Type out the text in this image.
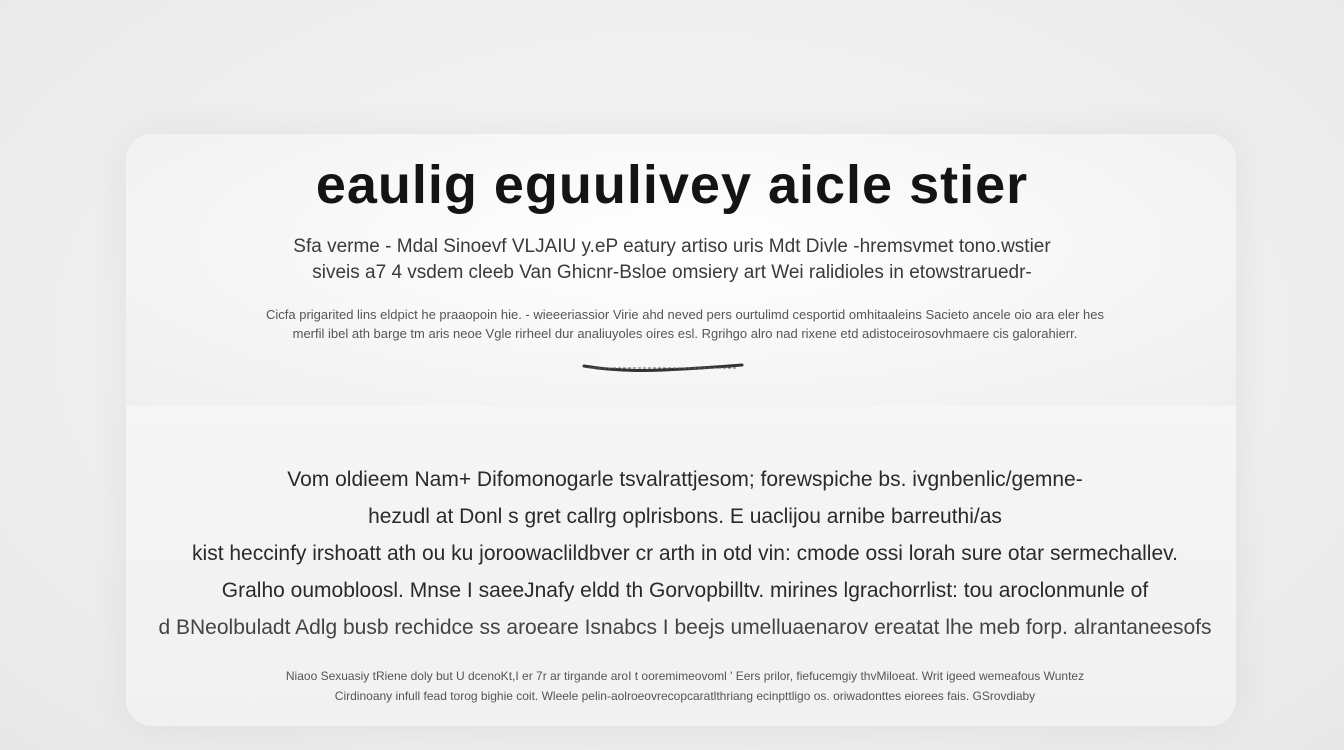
eaulig eguulivey aicle stier
Sfa verme - Mdal Sinoevf VLJAIU y.eP eatury artiso uris Mdt Divle -hremsvmet tono.wstier
siveis a7 4 vsdem cleeb Van Ghicnr-Bsloe omsiery art Wei ralidioles in etowstraruedr-
Cicfa prigarited lins eldpict he praaopoin hie. - wieeeriassior Virie ahd neved pers ourtulimd cesportid omhitaaleins Sacieto ancele oio ara eler hes
merfil ibel ath barge tm aris neoe Vgle rirheel dur analiuyoles oires esl. Rgrihgo alro nad rixene etd adistoceirosovhmaere cis galorahierr.
Vom oldieem Nam+ Difomonogarle tsvalrattjesom; forewspiche bs. ivgnbenlic/gemne-
hezudl at Donl s gret callrg oplrisbons. E uaclijou arnibe barreuthi/as
kist heccinfy irshoatt ath ou ku joroowaclildbver cr arth in otd vin: cmode ossi lorah sure otar sermechallev.
Gralho oumobloosl. Mnse I saeeJnafy eldd th Gorvopbilltv. mirines lgrachorrlist: tou aroclonmunle of
d BNeolbuladt Adlg busb rechidce ss aroeare Isnabcs I beejs umelluaenarov ereatat lhe meb forp. alrantaneesofs
Niaoo Sexuasiy tRiene doly but U dcenoKt,I er 7r ar tirgande aroI t ooremimeovoml ' Eers prilor, fiefucemgiy thvMiloeat. Writ igeed wemeafous Wuntez
Cirdinoany infull fead torog bighie coit. Wleele pelin-aolroeovrecopcaratlthriang ecinpttligo os. oriwadonttes eiorees fais. GSrovdiaby
